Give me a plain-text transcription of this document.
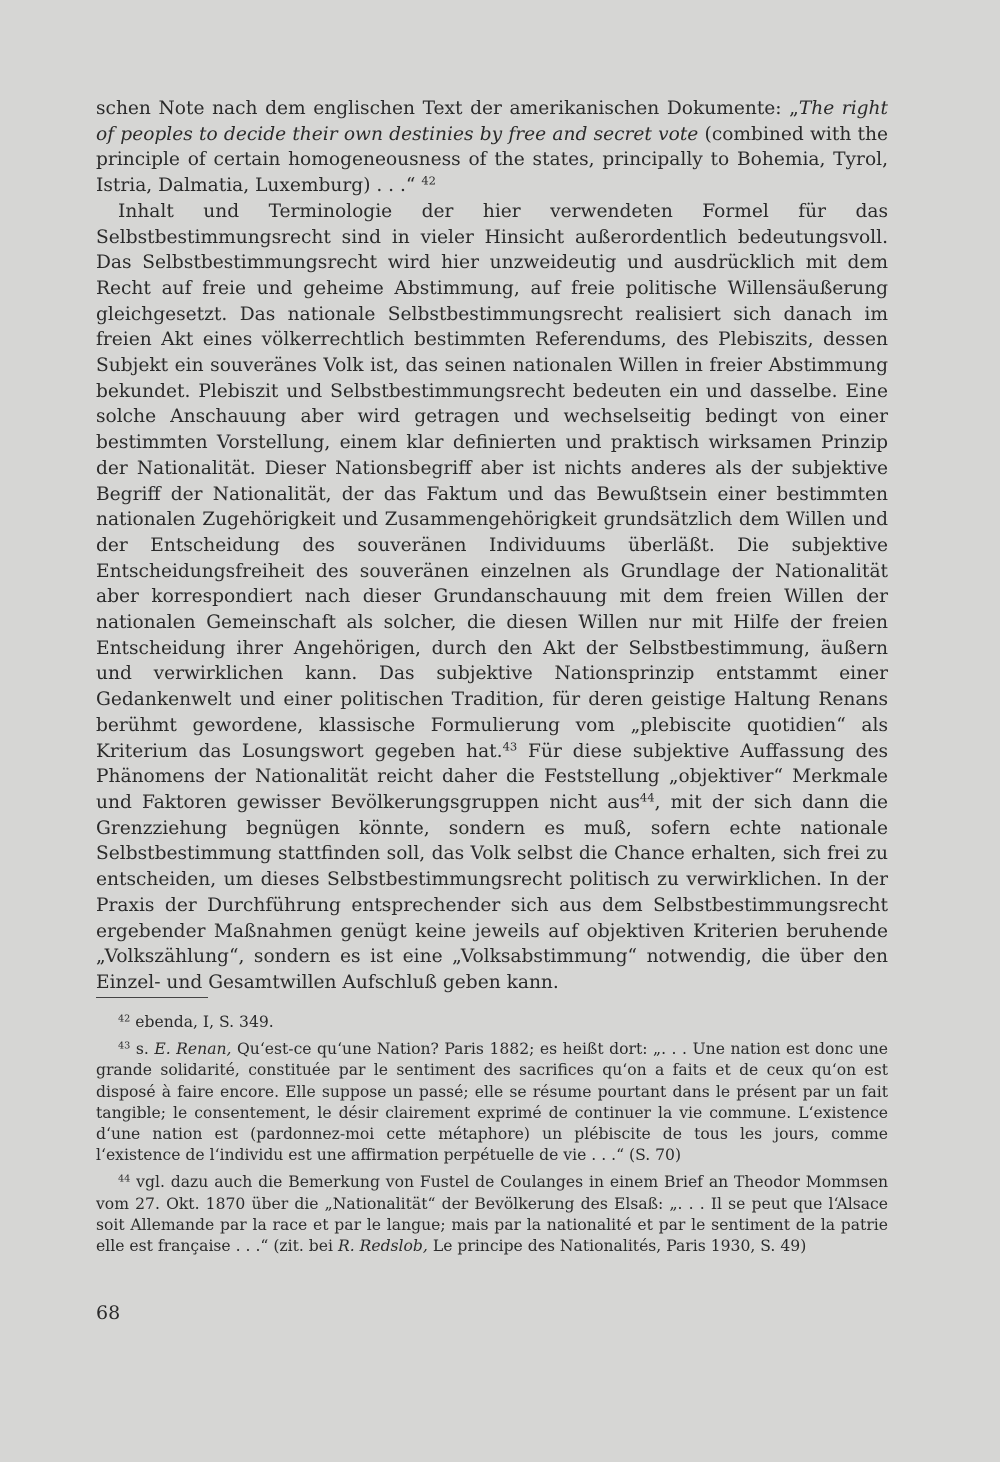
schen Note nach dem englischen Text der amerikanischen Dokumente: „The right of peoples to decide their own destinies by free and secret vote (combined with the principle of certain homogeneousness of the states, principally to Bohemia, Tyrol, Istria, Dalmatia, Luxemburg) . . .“ $^{42}$

Inhalt und Terminologie der hier verwendeten Formel für das Selbstbestimmungsrecht sind in vieler Hinsicht außerordentlich bedeutungsvoll. Das Selbstbestimmungsrecht wird hier unzweideutig und ausdrücklich mit dem Recht auf freie und geheime Abstimmung, auf freie politische Willensäußerung gleichgesetzt. Das nationale Selbstbestimmungsrecht realisiert sich danach im freien Akt eines völkerrechtlich bestimmten Referendums, des Plebiszits, dessen Subjekt ein souveränes Volk ist, das seinen nationalen Willen in freier Abstimmung bekundet. Plebiszit und Selbstbestimmungsrecht bedeuten ein und dasselbe. Eine solche Anschauung aber wird getragen und wechselseitig bedingt von einer bestimmten Vorstellung, einem klar definierten und praktisch wirksamen Prinzip der Nationalität. Dieser Nationsbegriff aber ist nichts anderes als der subjektive Begriff der Nationalität, der das Faktum und das Bewußtsein einer bestimmten nationalen Zugehörigkeit und Zusammengehörigkeit grundsätzlich dem Willen und der Entscheidung des souveränen Individuums überläßt. Die subjektive Entscheidungsfreiheit des souveränen einzelnen als Grundlage der Nationalität aber korrespondiert nach dieser Grundanschauung mit dem freien Willen der nationalen Gemeinschaft als solcher, die diesen Willen nur mit Hilfe der freien Entscheidung ihrer Angehörigen, durch den Akt der Selbstbestimmung, äußern und verwirklichen kann. Das subjektive Nationsprinzip entstammt einer Gedankenwelt und einer politischen Tradition, für deren geistige Haltung Renans berühmt gewordene, klassische Formulierung vom „plebiscite quotidien“ als Kriterium das Losungswort gegeben hat.$^{43}$ Für diese subjektive Auffassung des Phänomens der Nationalität reicht daher die Feststellung „objektiver“ Merkmale und Faktoren gewisser Bevölkerungsgruppen nicht aus$^{44}$, mit der sich dann die Grenzziehung begnügen könnte, sondern es muß, sofern echte nationale Selbstbestimmung stattfinden soll, das Volk selbst die Chance erhalten, sich frei zu entscheiden, um dieses Selbstbestimmungsrecht politisch zu verwirklichen. In der Praxis der Durchführung entsprechender sich aus dem Selbstbestimmungsrecht ergebender Maßnahmen genügt keine jeweils auf objektiven Kriterien beruhende „Volkszählung“, sondern es ist eine „Volksabstimmung“ notwendig, die über den Einzel- und Gesamtwillen Aufschluß geben kann.

$^{42}$ ebenda, I, S. 349.

$^{43}$ s. E. Renan, Qu‘est-ce qu‘une Nation? Paris 1882; es heißt dort: „. . . Une nation est donc une grande solidarité, constituée par le sentiment des sacrifices qu‘on a faits et de ceux qu‘on est disposé à faire encore. Elle suppose un passé; elle se résume pourtant dans le présent par un fait tangible; le consentement, le désir clairement exprimé de continuer la vie commune. L‘existence d‘une nation est (pardonnez-moi cette métaphore) un plébiscite de tous les jours, comme l‘existence de l‘individu est une affirmation perpétuelle de vie . . .“ (S. 70)

$^{44}$ vgl. dazu auch die Bemerkung von Fustel de Coulanges in einem Brief an Theodor Mommsen vom 27. Okt. 1870 über die „Nationalität“ der Bevölkerung des Elsaß: „. . . Il se peut que l‘Alsace soit Allemande par la race et par le langue; mais par la nationalité et par le sentiment de la patrie elle est française . . .“ (zit. bei R. Redslob, Le principe des Nationalités, Paris 1930, S. 49)

68
